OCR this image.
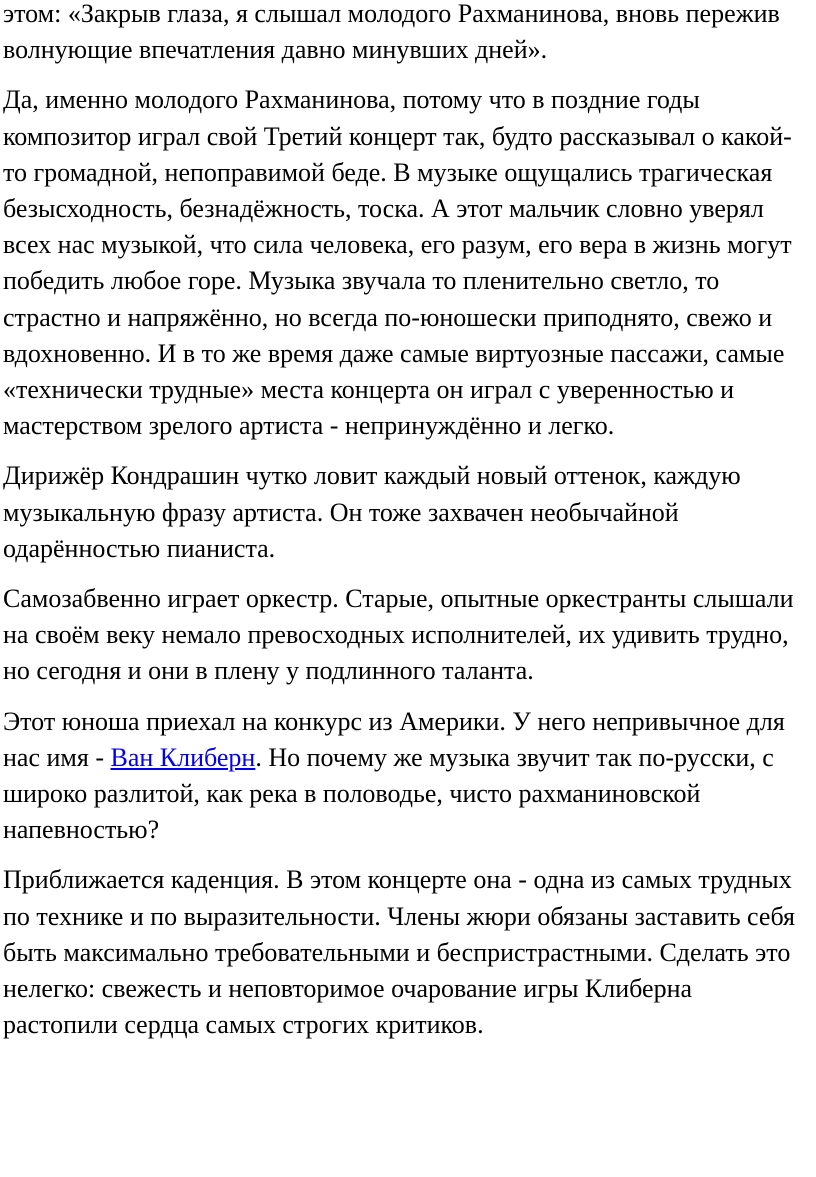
этом: «Закрыв глаза, я слышал молодого Рахманинова, вновь пережив волнующие впечатления давно минувших дней».

Да, именно молодого Рахманинова, потому что в поздние годы композитор играл свой Третий концерт так, будто рассказывал о какой-то громадной, непоправимой беде. В музыке ощущались трагическая безысходность, безнадёжность, тоска. А этот мальчик словно уверял всех нас музыкой, что сила человека, его разум, его вера в жизнь могут победить любое горе. Музыка звучала то пленительно светло, то страстно и напряжённо, но всегда по-юношески приподнято, свежо и вдохновенно. И в то же время даже самые виртуозные пассажи, самые «технически трудные» места концерта он играл с уверенностью и мастерством зрелого артиста - непринуждённо и легко.

Дирижёр Кондрашин чутко ловит каждый новый оттенок, каждую музыкальную фразу артиста. Он тоже захвачен необычайной одарённостью пианиста.

Самозабвенно играет оркестр. Старые, опытные оркестранты слышали на своём веку немало превосходных исполнителей, их удивить трудно, но сегодня и они в плену у подлинного таланта.

Этот юноша приехал на конкурс из Америки. У него непривычное для нас имя - Ван Клиберн. Но почему же музыка звучит так по-русски, с широко разлитой, как река в половодье, чисто рахманиновской напевностью?

Приближается каденция. В этом концерте она - одна из самых трудных по технике и по выразительности. Члены жюри обязаны заставить себя быть максимально требовательными и беспристрастными. Сделать это нелегко: свежесть и неповторимое очарование игры Клиберна растопили сердца самых строгих критиков.
